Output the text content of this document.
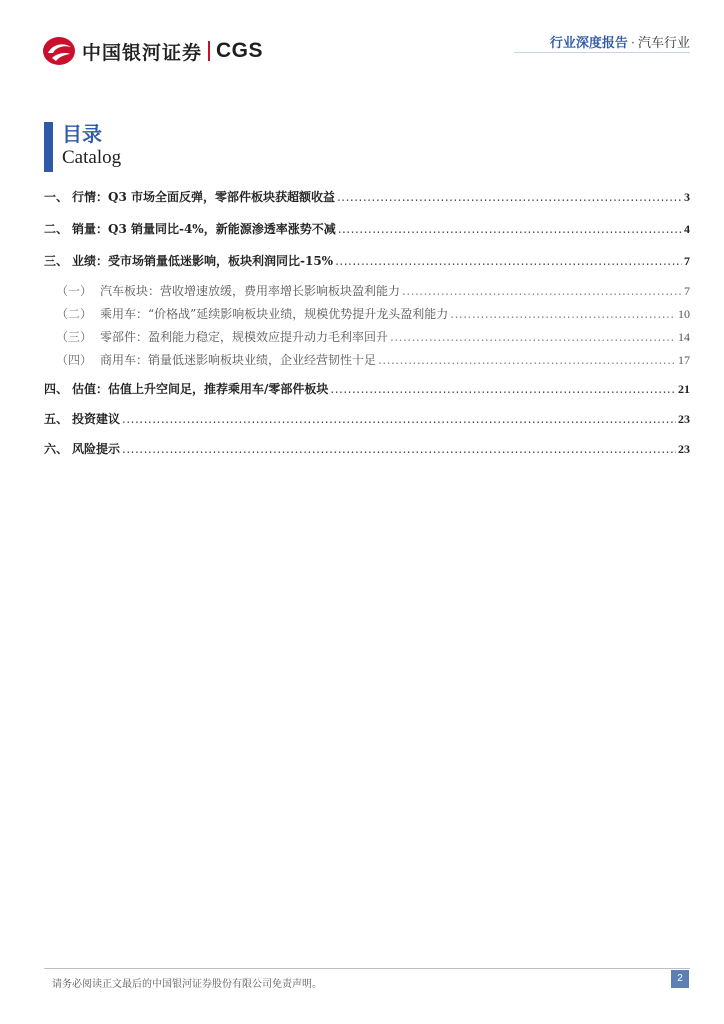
中国银河证券 CGS	行业深度报告 · 汽车行业
目录
Catalog
一、 行情：Q3 市场全面反弹，零部件板块获超额收益 .....	3
二、 销量：Q3 销量同比-4%，新能源渗透率涨势不减 .....	4
三、 业绩：受市场销量低迷影响，板块利润同比-15% .....	7
（一） 汽车板块：营收增速放缓，费用率增长影响板块盈利能力 .....	7
（二） 乘用车：“价格战”延续影响板块业绩，规模优势提升龙头盈利能力 .....	10
（三） 零部件：盈利能力稳定，规模效应提升动力毛利率回升 .....	14
（四） 商用车：销量低迷影响板块业绩，企业经营韧性十足 .....	17
四、 估值：估值上升空间足，推荐乘用车/零部件板块 .....	21
五、 投资建议 .....	23
六、 风险提示 .....	23
请务必阅读正文最后的中国银河证券股份有限公司免责声明。
2
